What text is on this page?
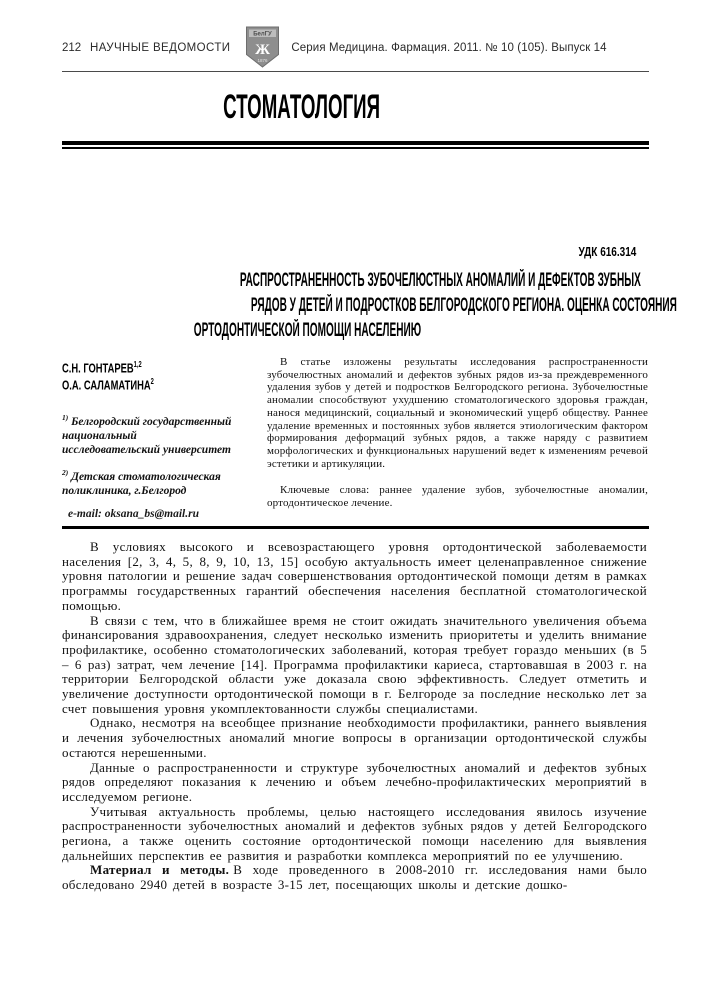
212 НАУЧНЫЕ ВЕДОМОСТИ
БелГУ
Ж
1876
Серия Медицина. Фармация. 2011. № 10 (105). Выпуск 14
СТОМАТОЛОГИЯ
УДК 616.314
РАСПРОСТРАНЕННОСТЬ ЗУБОЧЕЛЮСТНЫХ АНОМАЛИЙ И ДЕФЕКТОВ ЗУБНЫХ
РЯДОВ У ДЕТЕЙ И ПОДРОСТКОВ БЕЛГОРОДСКОГО РЕГИОНА. ОЦЕНКА СОСТОЯНИЯ
ОРТОДОНТИЧЕСКОЙ ПОМОЩИ НАСЕЛЕНИЮ
С.Н. ГОНТАРЕВ$^{1,2}$
О.А. САЛАМАТИНА$^2$

$^{1)}$ Белгородский государственный
национальный
исследовательский университет

$^{2)}$ Детская стоматологическая
поликлиника, г.Белгород

e-mail: oksana_bs@mail.ru

В статье изложены результаты исследования распространенности зубочелюстных аномалий и дефектов зубных рядов из-за преждевременного удаления зубов у детей и подростков Белгородского региона. Зубочелюстные аномалии способствуют ухудшению стоматологического здоровья граждан, нанося медицинский, социальный и экономический ущерб обществу. Раннее удаление временных и постоянных зубов является этиологическим фактором формирования деформаций зубных рядов, а также наряду с развитием морфологических и функциональных нарушений ведет к изменениям речевой эстетики и артикуляции.

Ключевые слова: раннее удаление зубов, зубочелюстные аномалии, ортодонтическое лечение.

В условиях высокого и всевозрастающего уровня ортодонтической заболеваемости населения [2, 3, 4, 5, 8, 9, 10, 13, 15] особую актуальность имеет целенаправленное снижение уровня патологии и решение задач совершенствования ортодонтической помощи детям в рамках программы государственных гарантий обеспечения населения бесплатной стоматологической помощью.

В связи с тем, что в ближайшее время не стоит ожидать значительного увеличения объема финансирования здравоохранения, следует несколько изменить приоритеты и уделить внимание профилактике, особенно стоматологических заболеваний, которая требует гораздо меньших (в 5 – 6 раз) затрат, чем лечение [14]. Программа профилактики кариеса, стартовавшая в 2003 г. на территории Белгородской области уже доказала свою эффективность. Следует отметить и увеличение доступности ортодонтической помощи в г. Белгороде за последние несколько лет за счет повышения уровня укомплектованности службы специалистами.

Однако, несмотря на всеобщее признание необходимости профилактики, раннего выявления и лечения зубочелюстных аномалий многие вопросы в организации ортодонтической службы остаются нерешенными.

Данные о распространенности и структуре зубочелюстных аномалий и дефектов зубных рядов определяют показания к лечению и объем лечебно-профилактических мероприятий в исследуемом регионе.

Учитывая актуальность проблемы, целью настоящего исследования явилось изучение распространенности зубочелюстных аномалий и дефектов зубных рядов у детей Белгородского региона, а также оценить состояние ортодонтической помощи населению для выявления дальнейших перспектив ее развития и разработки комплекса мероприятий по ее улучшению.

Материал и методы. В ходе проведенного в 2008-2010 гг. исследования нами было обследовано 2940 детей в возрасте 3-15 лет, посещающих школы и детские дошко-
